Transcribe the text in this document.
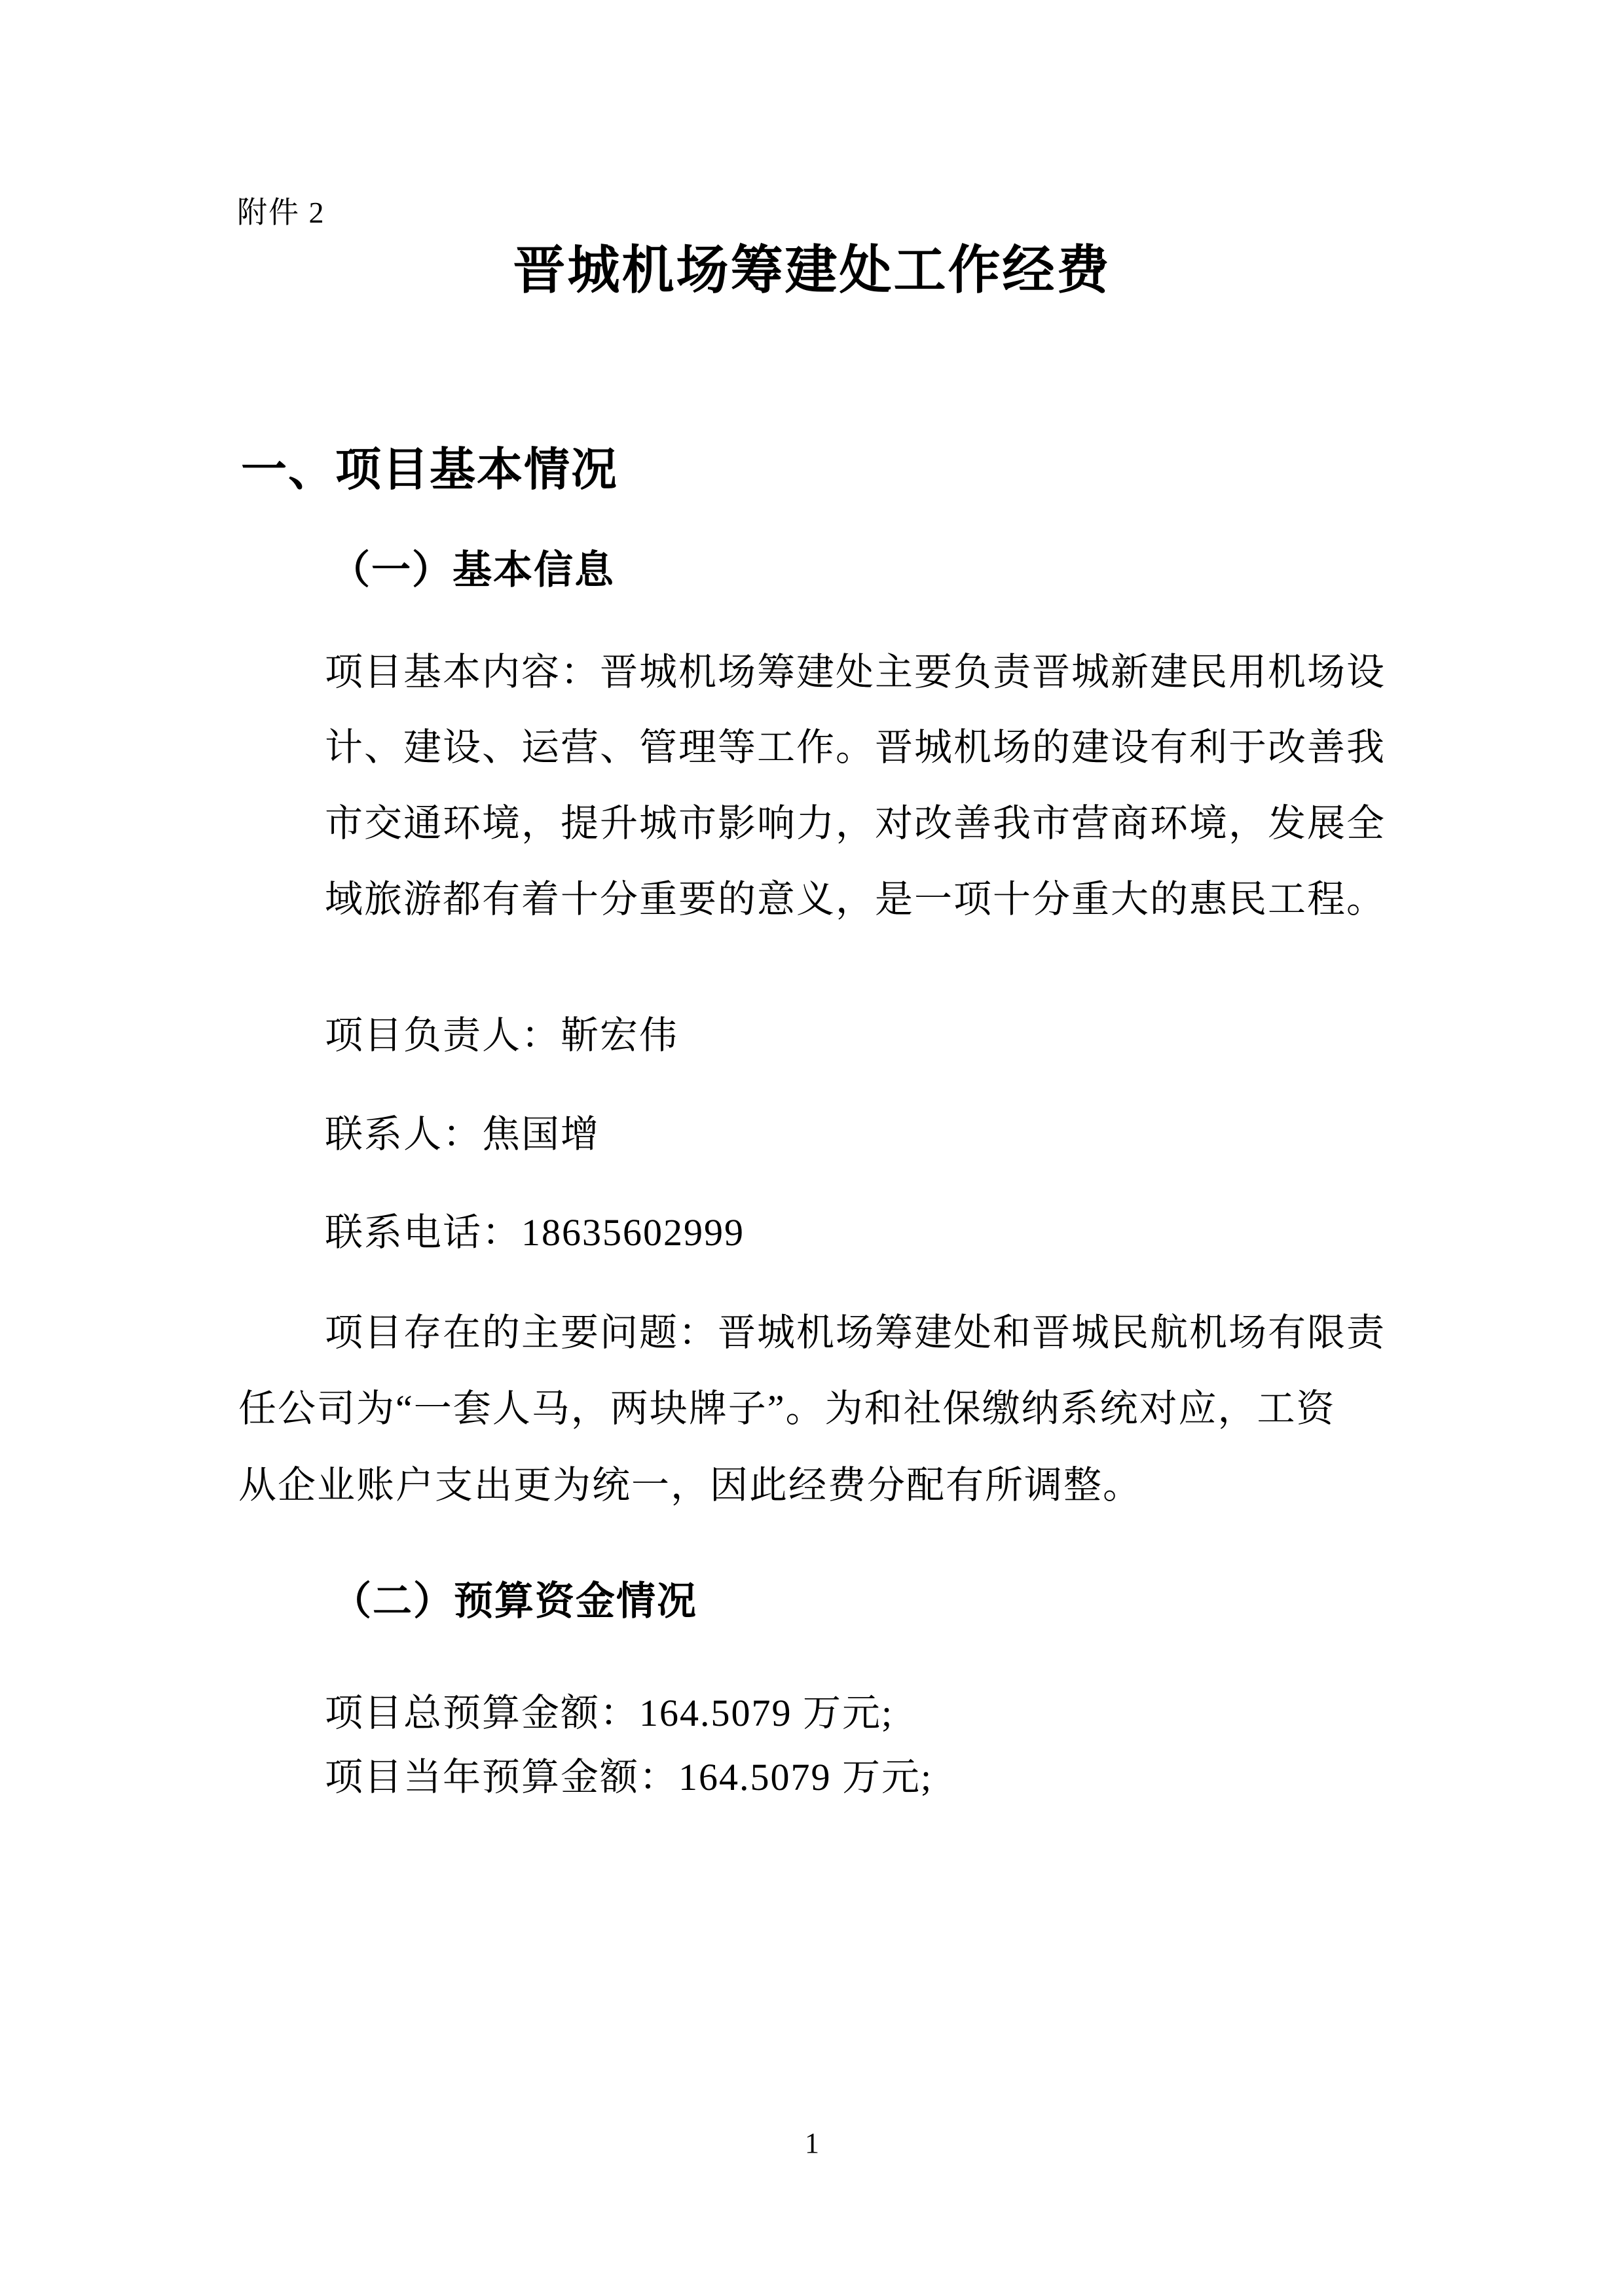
附件 2
晋城机场筹建处工作经费
一、项目基本情况
（一）基本信息
项目基本内容：晋城机场筹建处主要负责晋城新建民用机场设
计、建设、运营、管理等工作。晋城机场的建设有利于改善我
市交通环境，提升城市影响力，对改善我市营商环境，发展全
域旅游都有着十分重要的意义，是一项十分重大的惠民工程。
项目负责人：靳宏伟
联系人：焦国增
联系电话：18635602999
项目存在的主要问题：晋城机场筹建处和晋城民航机场有限责
任公司为“一套人马，两块牌子”。为和社保缴纳系统对应，工资
从企业账户支出更为统一，因此经费分配有所调整。
（二）预算资金情况
项目总预算金额：164.5079 万元;
项目当年预算金额：164.5079 万元;
1
